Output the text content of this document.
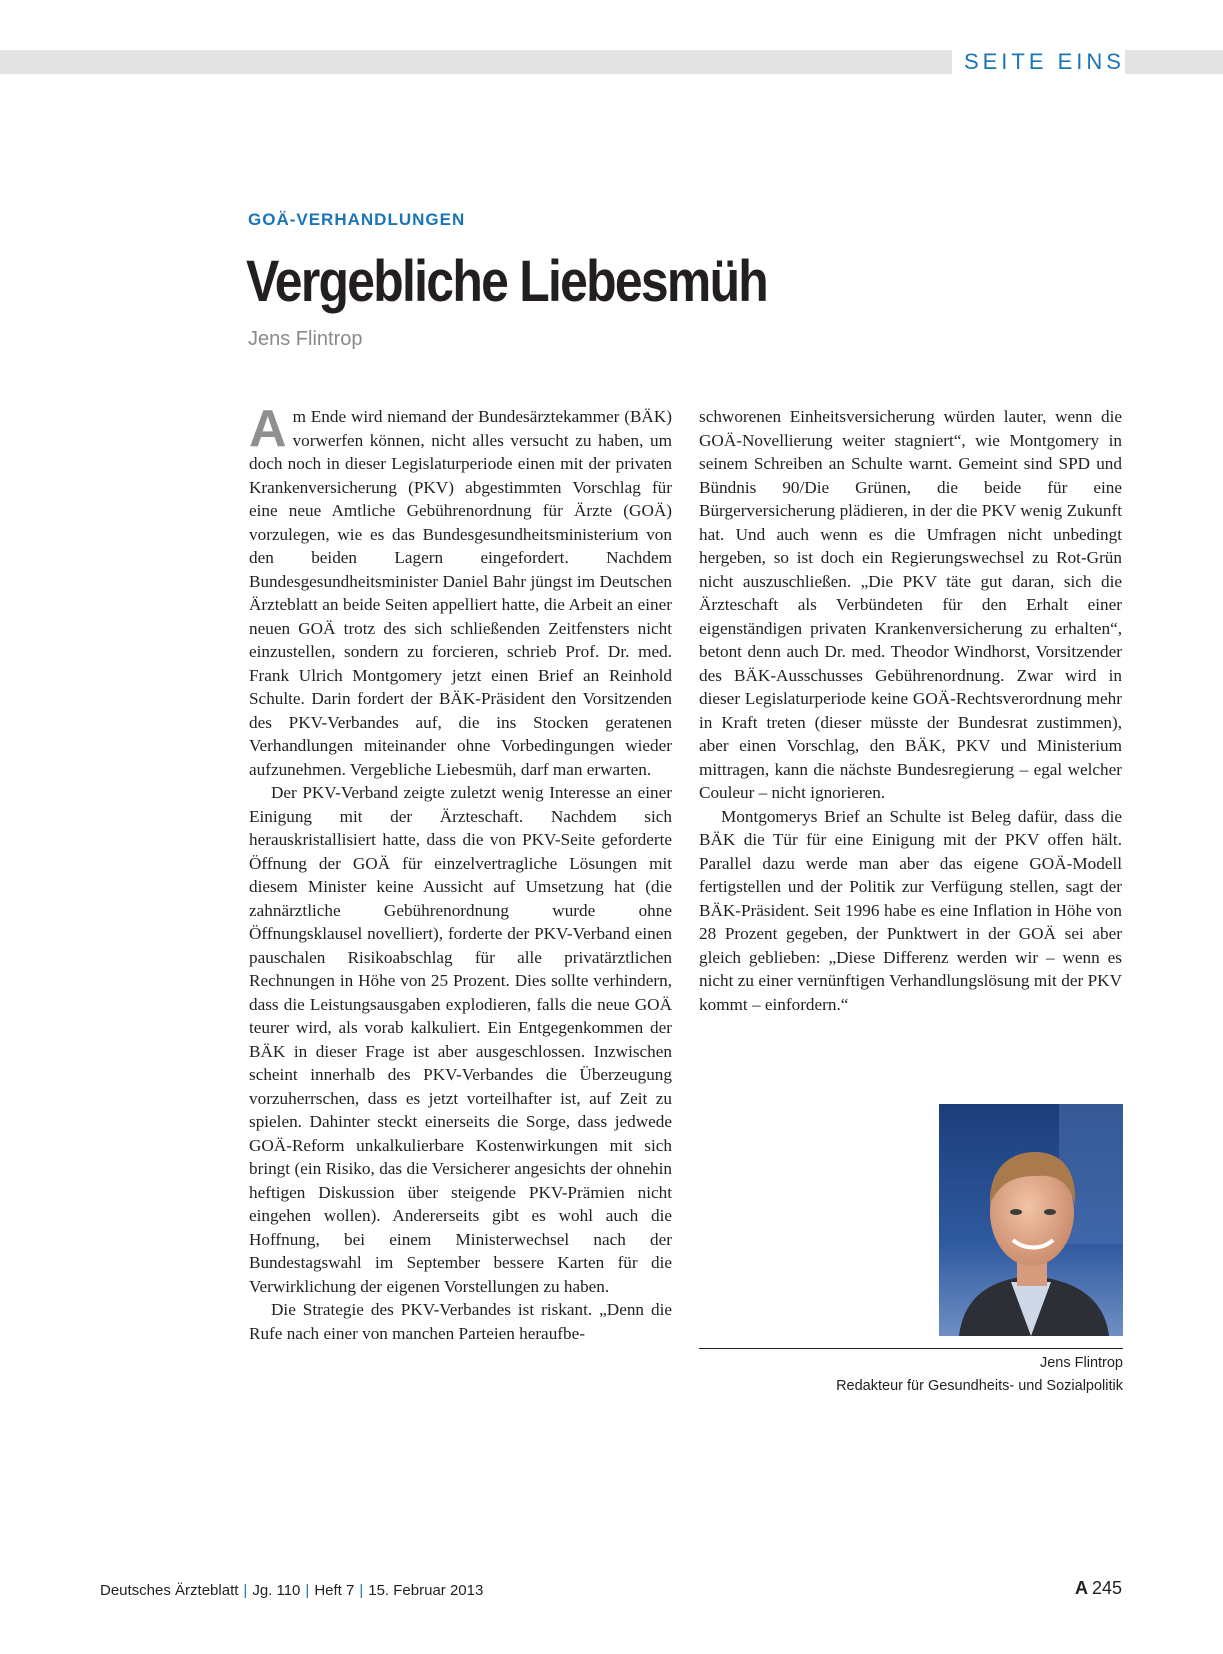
SEITE EINS
GOÄ-VERHANDLUNGEN
Vergebliche Liebesmüh
Jens Flintrop

Am Ende wird niemand der Bundesärztekammer (BÄK) vorwerfen können, nicht alles versucht zu haben, um doch noch in dieser Legislaturperiode einen mit der privaten Krankenversicherung (PKV) abgestimmten Vorschlag für eine neue Amtliche Gebührenordnung für Ärzte (GOÄ) vorzulegen, wie es das Bundesgesundheitsministerium von den beiden Lagern eingefordert. Nachdem Bundesgesundheitsminister Daniel Bahr jüngst im Deutschen Ärzteblatt an beide Seiten appelliert hatte, die Arbeit an einer neuen GOÄ trotz des sich schließenden Zeitfensters nicht einzustellen, sondern zu forcieren, schrieb Prof. Dr. med. Frank Ulrich Montgomery jetzt einen Brief an Reinhold Schulte. Darin fordert der BÄK-Präsident den Vorsitzenden des PKV-Verbandes auf, die ins Stocken geratenen Verhandlungen miteinander ohne Vorbedingungen wieder aufzunehmen. Vergebliche Liebesmüh, darf man erwarten.

Der PKV-Verband zeigte zuletzt wenig Interesse an einer Einigung mit der Ärzteschaft. Nachdem sich herauskristallisiert hatte, dass die von PKV-Seite geforderte Öffnung der GOÄ für einzelvertragliche Lösungen mit diesem Minister keine Aussicht auf Umsetzung hat (die zahnärztliche Gebührenordnung wurde ohne Öffnungsklausel novelliert), forderte der PKV-Verband einen pauschalen Risikoabschlag für alle privatärztlichen Rechnungen in Höhe von 25 Prozent. Dies sollte verhindern, dass die Leistungsausgaben explodieren, falls die neue GOÄ teurer wird, als vorab kalkuliert. Ein Entgegenkommen der BÄK in dieser Frage ist aber ausgeschlossen. Inzwischen scheint innerhalb des PKV-Verbandes die Überzeugung vorzuherrschen, dass es jetzt vorteilhafter ist, auf Zeit zu spielen. Dahinter steckt einerseits die Sorge, dass jedwede GOÄ-Reform unkalkulierbare Kostenwirkungen mit sich bringt (ein Risiko, das die Versicherer angesichts der ohnehin heftigen Diskussion über steigende PKV-Prämien nicht eingehen wollen). Andererseits gibt es wohl auch die Hoffnung, bei einem Ministerwechsel nach der Bundestagswahl im September bessere Karten für die Verwirklichung der eigenen Vorstellungen zu haben.

Die Strategie des PKV-Verbandes ist riskant. „Denn die Rufe nach einer von manchen Parteien heraufbe-

schworenen Einheitsversicherung würden lauter, wenn die GOÄ-Novellierung weiter stagniert“, wie Montgomery in seinem Schreiben an Schulte warnt. Gemeint sind SPD und Bündnis 90/Die Grünen, die beide für eine Bürgerversicherung plädieren, in der die PKV wenig Zukunft hat. Und auch wenn es die Umfragen nicht unbedingt hergeben, so ist doch ein Regierungswechsel zu Rot-Grün nicht auszuschließen. „Die PKV täte gut daran, sich die Ärzteschaft als Verbündeten für den Erhalt einer eigenständigen privaten Krankenversicherung zu erhalten“, betont denn auch Dr. med. Theodor Windhorst, Vorsitzender des BÄK-Ausschusses Gebührenordnung. Zwar wird in dieser Legislaturperiode keine GOÄ-Rechtsverordnung mehr in Kraft treten (dieser müsste der Bundesrat zustimmen), aber einen Vorschlag, den BÄK, PKV und Ministerium mittragen, kann die nächste Bundesregierung – egal welcher Couleur – nicht ignorieren.

Montgomerys Brief an Schulte ist Beleg dafür, dass die BÄK die Tür für eine Einigung mit der PKV offen hält. Parallel dazu werde man aber das eigene GOÄ-Modell fertigstellen und der Politik zur Verfügung stellen, sagt der BÄK-Präsident. Seit 1996 habe es eine Inflation in Höhe von 28 Prozent gegeben, der Punktwert in der GOÄ sei aber gleich geblieben: „Diese Differenz werden wir – wenn es nicht zu einer vernünftigen Verhandlungslösung mit der PKV kommt – einfordern.“

Jens Flintrop
Redakteur für Gesundheits- und Sozialpolitik
Deutsches Ärzteblatt | Jg. 110 | Heft 7 | 15. Februar 2013	A 245
